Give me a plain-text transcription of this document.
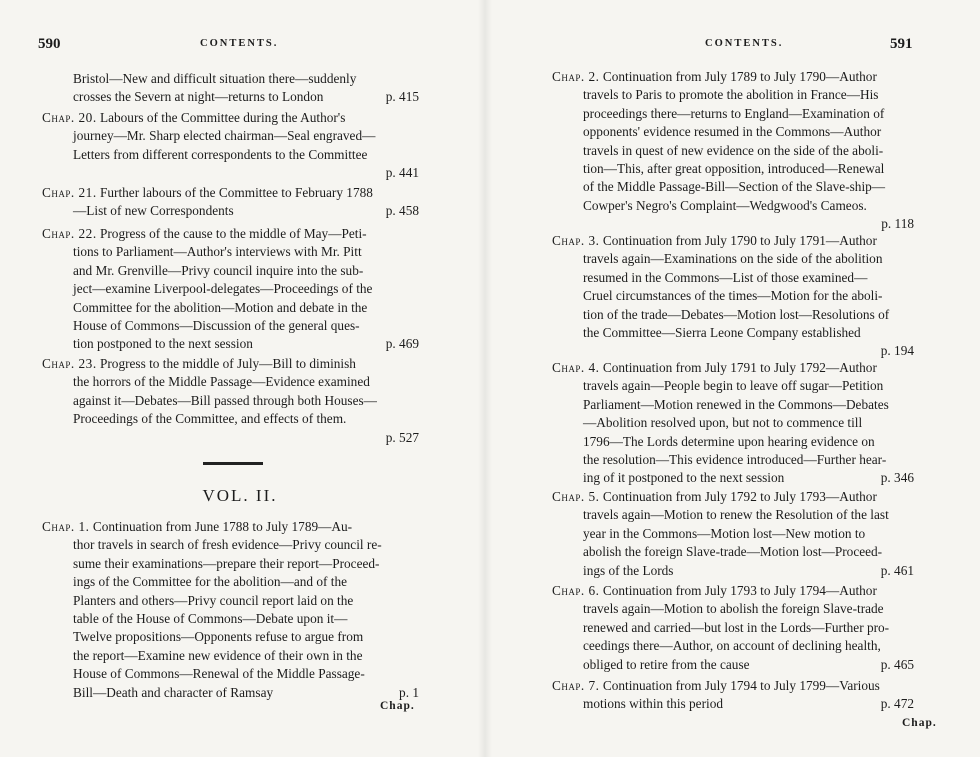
590	CONTENTS.

Bristol—New and difficult situation there—suddenly

crosses the Severn at night—returns to London	p. 415

Chap. 20. Labours of the Committee during the Author's

journey—Mr. Sharp elected chairman—Seal engraved—

Letters from different correspondents to the Committee

p. 441

Chap. 21. Further labours of the Committee to February 1788

—List of new Correspondents	p. 458

Chap. 22. Progress of the cause to the middle of May—Peti-

tions to Parliament—Author's interviews with Mr. Pitt

and Mr. Grenville—Privy council inquire into the sub-

ject—examine Liverpool-delegates—Proceedings of the

Committee for the abolition—Motion and debate in the

House of Commons—Discussion of the general ques-

tion postponed to the next session	p. 469

Chap. 23. Progress to the middle of July—Bill to diminish

the horrors of the Middle Passage—Evidence examined

against it—Debates—Bill passed through both Houses—

Proceedings of the Committee, and effects of them.

p. 527
VOL. II.

Chap. 1. Continuation from June 1788 to July 1789—Au-

thor travels in search of fresh evidence—Privy council re-

sume their examinations—prepare their report—Proceed-

ings of the Committee for the abolition—and of the

Planters and others—Privy council report laid on the

table of the House of Commons—Debate upon it—

Twelve propositions—Opponents refuse to argue from

the report—Examine new evidence of their own in the

House of Commons—Renewal of the Middle Passage-

Bill—Death and character of Ramsay	p. 1

Chap.
CONTENTS.	591

Chap. 2. Continuation from July 1789 to July 1790—Author

travels to Paris to promote the abolition in France—His

proceedings there—returns to England—Examination of

opponents' evidence resumed in the Commons—Author

travels in quest of new evidence on the side of the aboli-

tion—This, after great opposition, introduced—Renewal

of the Middle Passage-Bill—Section of the Slave-ship—

Cowper's Negro's Complaint—Wedgwood's Cameos.

p. 118

Chap. 3. Continuation from July 1790 to July 1791—Author

travels again—Examinations on the side of the abolition

resumed in the Commons—List of those examined—

Cruel circumstances of the times—Motion for the aboli-

tion of the trade—Debates—Motion lost—Resolutions of

the Committee—Sierra Leone Company established

p. 194

Chap. 4. Continuation from July 1791 to July 1792—Author

travels again—People begin to leave off sugar—Petition

Parliament—Motion renewed in the Commons—Debates

—Abolition resolved upon, but not to commence till

1796—The Lords determine upon hearing evidence on

the resolution—This evidence introduced—Further hear-

ing of it postponed to the next session	p. 346

Chap. 5. Continuation from July 1792 to July 1793—Author

travels again—Motion to renew the Resolution of the last

year in the Commons—Motion lost—New motion to

abolish the foreign Slave-trade—Motion lost—Proceed-

ings of the Lords	p. 461

Chap. 6. Continuation from July 1793 to July 1794—Author

travels again—Motion to abolish the foreign Slave-trade

renewed and carried—but lost in the Lords—Further pro-

ceedings there—Author, on account of declining health,

obliged to retire from the cause	p. 465

Chap. 7. Continuation from July 1794 to July 1799—Various

motions within this period	p. 472

Chap.
